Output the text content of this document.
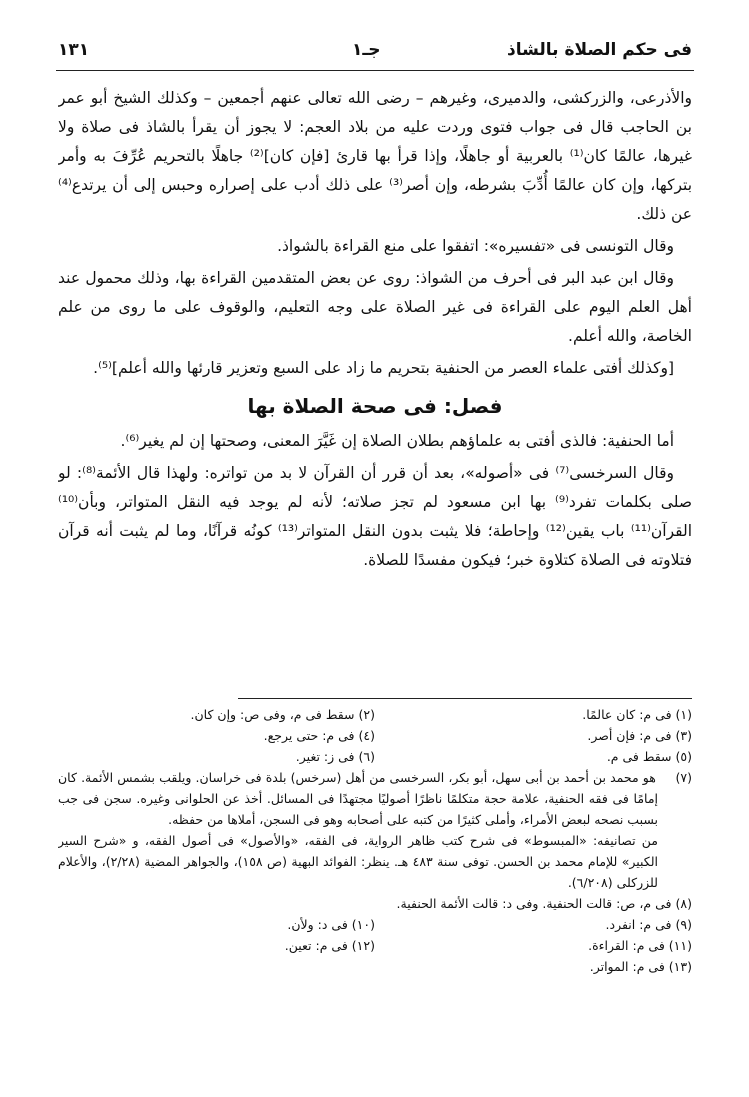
فى حكم الصلاة بالشاذ
جـ١
١٣١

والأذرعى، والزركشى، والدميرى، وغيرهم – رضى الله تعالى عنهم أجمعين – وكذلك الشيخ أبو عمر بن الحاجب قال فى جواب فتوى وردت عليه من بلاد العجم: لا يجوز أن يقرأ بالشاذ فى صلاة ولا غيرها، عالمًا كان⁽¹⁾ بالعربية أو جاهلًا، وإذا قرأ بها قارئ [فإن كان]⁽²⁾ جاهلًا بالتحريم عُرِّفَ به وأمر بتركها، وإن كان عالمًا أُدِّبَ بشرطه، وإن أصر⁽³⁾ على ذلك أدب على إصراره وحبس إلى أن يرتدع⁽⁴⁾ عن ذلك.

وقال التونسى فى «تفسيره»: اتفقوا على منع القراءة بالشواذ.

وقال ابن عبد البر فى أحرف من الشواذ: روى عن بعض المتقدمين القراءة بها، وذلك محمول عند أهل العلم اليوم على القراءة فى غير الصلاة على وجه التعليم، والوقوف على ما روى من علم الخاصة، والله أعلم.

[وكذلك أفتى علماء العصر من الحنفية بتحريم ما زاد على السبع وتعزير قارئها والله أعلم]⁽⁵⁾.

فصل: فى صحة الصلاة بها

أما الحنفية: فالذى أفتى به علماؤهم بطلان الصلاة إن غَيَّرَ المعنى، وصحتها إن لم يغير⁽⁶⁾.

وقال السرخسى⁽⁷⁾ فى «أصوله»، بعد أن قرر أن القرآن لا بد من تواتره: ولهذا قال الأئمة⁽⁸⁾: لو صلى بكلمات تفرد⁽⁹⁾ بها ابن مسعود لم تجز صلاته؛ لأنه لم يوجد فيه النقل المتواتر، وبأن⁽¹⁰⁾ القرآن⁽¹¹⁾ باب يقين⁽¹²⁾ وإحاطة؛ فلا يثبت بدون النقل المتواتر⁽¹³⁾ كونُه قرآنًا، وما لم يثبت أنه قرآن فتلاوته فى الصلاة كتلاوة خبر؛ فيكون مفسدًا للصلاة.

(١) فى م: كان عالمًا.
(٢) سقط فى م، وفى ص: وإن كان.
(٣) فى م: فإن أصر.
(٤) فى م: حتى يرجع.
(٥) سقط فى م.
(٦) فى ز: تغير.
(٧) هو محمد بن أحمد بن أبى سهل، أبو بكر، السرخسى من أهل (سرخس) بلدة فى خراسان. ويلقب بشمس الأئمة. كان إمامًا فى فقه الحنفية، علامة حجة متكلمًا ناظرًا أصوليًا مجتهدًا فى المسائل. أخذ عن الحلوانى وغيره. سجن فى جب بسبب نصحه لبعض الأمراء، وأملى كثيرًا من كتبه على أصحابه وهو فى السجن، أملاها من حفظه.
من تصانيفه: «المبسوط» فى شرح كتب ظاهر الرواية، فى الفقه، «والأصول» فى أصول الفقه، و «شرح السير الكبير» للإمام محمد بن الحسن. توفى سنة ٤٨٣ هـ. ينظر: الفوائد البهية (ص ١٥٨)، والجواهر المضية (٢/٢٨)، والأعلام للزركلى (٦/٢٠٨).
(٨) فى م، ص: قالت الحنفية. وفى د: قالت الأئمة الحنفية.
(٩) فى م: انفرد.
(١٠) فى د: ولأن.
(١١) فى م: القراءة.
(١٢) فى م: تعين.
(١٣) فى م: المواتر.
